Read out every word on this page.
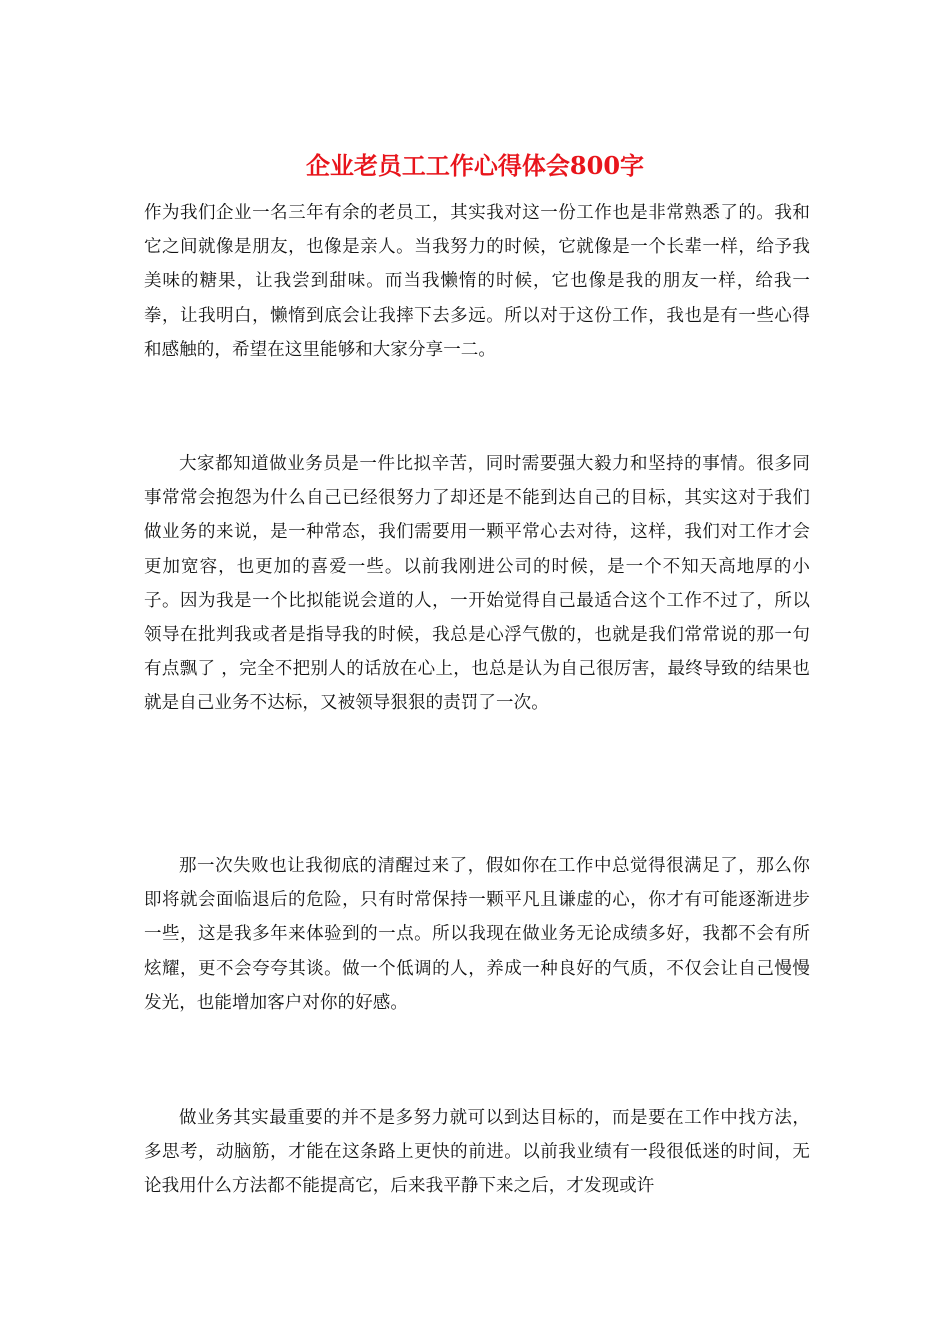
企业老员工工作心得体会800字

作为我们企业一名三年有余的老员工，其实我对这一份工作也是非常熟悉了的。我和它之间就像是朋友，也像是亲人。当我努力的时候，它就像是一个长辈一样，给予我美味的糖果，让我尝到甜味。而当我懒惰的时候，它也像是我的朋友一样，给我一拳，让我明白，懒惰到底会让我摔下去多远。所以对于这份工作，我也是有一些心得和感触的，希望在这里能够和大家分享一二。

大家都知道做业务员是一件比拟辛苦，同时需要强大毅力和坚持的事情。很多同事常常会抱怨为什么自己已经很努力了却还是不能到达自己的目标，其实这对于我们做业务的来说，是一种常态，我们需要用一颗平常心去对待，这样，我们对工作才会更加宽容，也更加的喜爱一些。以前我刚进公司的时候，是一个不知天高地厚的小子。因为我是一个比拟能说会道的人，一开始觉得自己最适合这个工作不过了，所以领导在批判我或者是指导我的时候，我总是心浮气傲的，也就是我们常常说的那一句 有点飘了 ，完全不把别人的话放在心上，也总是认为自己很厉害，最终导致的结果也就是自己业务不达标，又被领导狠狠的责罚了一次。

那一次失败也让我彻底的清醒过来了，假如你在工作中总觉得很满足了，那么你即将就会面临退后的危险，只有时常保持一颗平凡且谦虚的心，你才有可能逐渐进步一些，这是我多年来体验到的一点。所以我现在做业务无论成绩多好，我都不会有所炫耀，更不会夸夸其谈。做一个低调的人，养成一种良好的气质，不仅会让自己慢慢发光，也能增加客户对你的好感。

做业务其实最重要的并不是多努力就可以到达目标的，而是要在工作中找方法，多思考，动脑筋，才能在这条路上更快的前进。以前我业绩有一段很低迷的时间，无论我用什么方法都不能提高它，后来我平静下来之后，才发现或许
